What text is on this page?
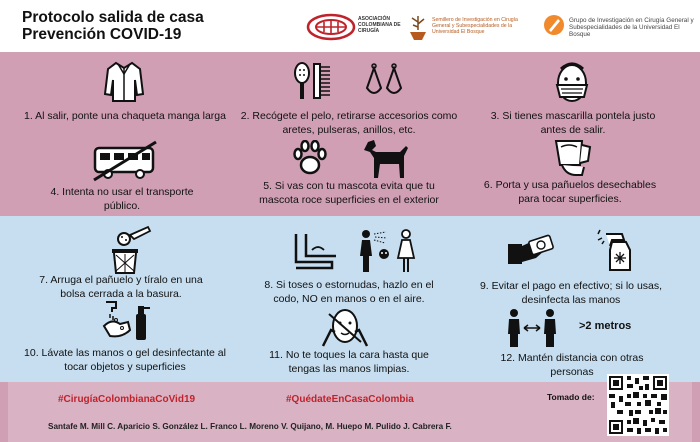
Protocolo salida de casa
Prevención COVID-19
ASOCIACIÓN COLOMBIANA DE CIRUGÍA
Semillero de Investigación en Cirugía General y Subespecialidades de la Universidad El Bosque
Grupo de Investigación en Cirugía General y Subespecialidades de la Universidad El Bosque
1. Al salir, ponte una chaqueta manga larga 2. Recógete el pelo, retirarse accesorios como aretes, pulseras, anillos, etc.
3. Si tienes mascarilla pontela justo antes de salir.
4. Intenta no usar el transporte público.
5. Si vas con tu mascota evita que tu mascota roce superficies en el exterior
6. Porta y usa pañuelos desechables para tocar superficies.
7. Arruga el pañuelo y tíralo en una bolsa cerrada a la basura.
8. Si toses o estornudas, hazlo en el codo, NO en manos o en el aire.
9. Evitar el pago en efectivo; si lo usas, desinfecta las manos
10. Lávate las manos o gel desinfectante al tocar objetos y superficies
11. No te toques la cara hasta que tengas las manos limpias.
>2 metros
12. Mantén distancia con otras personas
#CirugíaColombianaCoVid19	#QuédateEnCasaColombia	Tomado de:
Santafe M. Mill C. Aparicio S. González L. Franco L. Moreno V. Quijano, M. Huepo M. Pulido J. Cabrera F.
